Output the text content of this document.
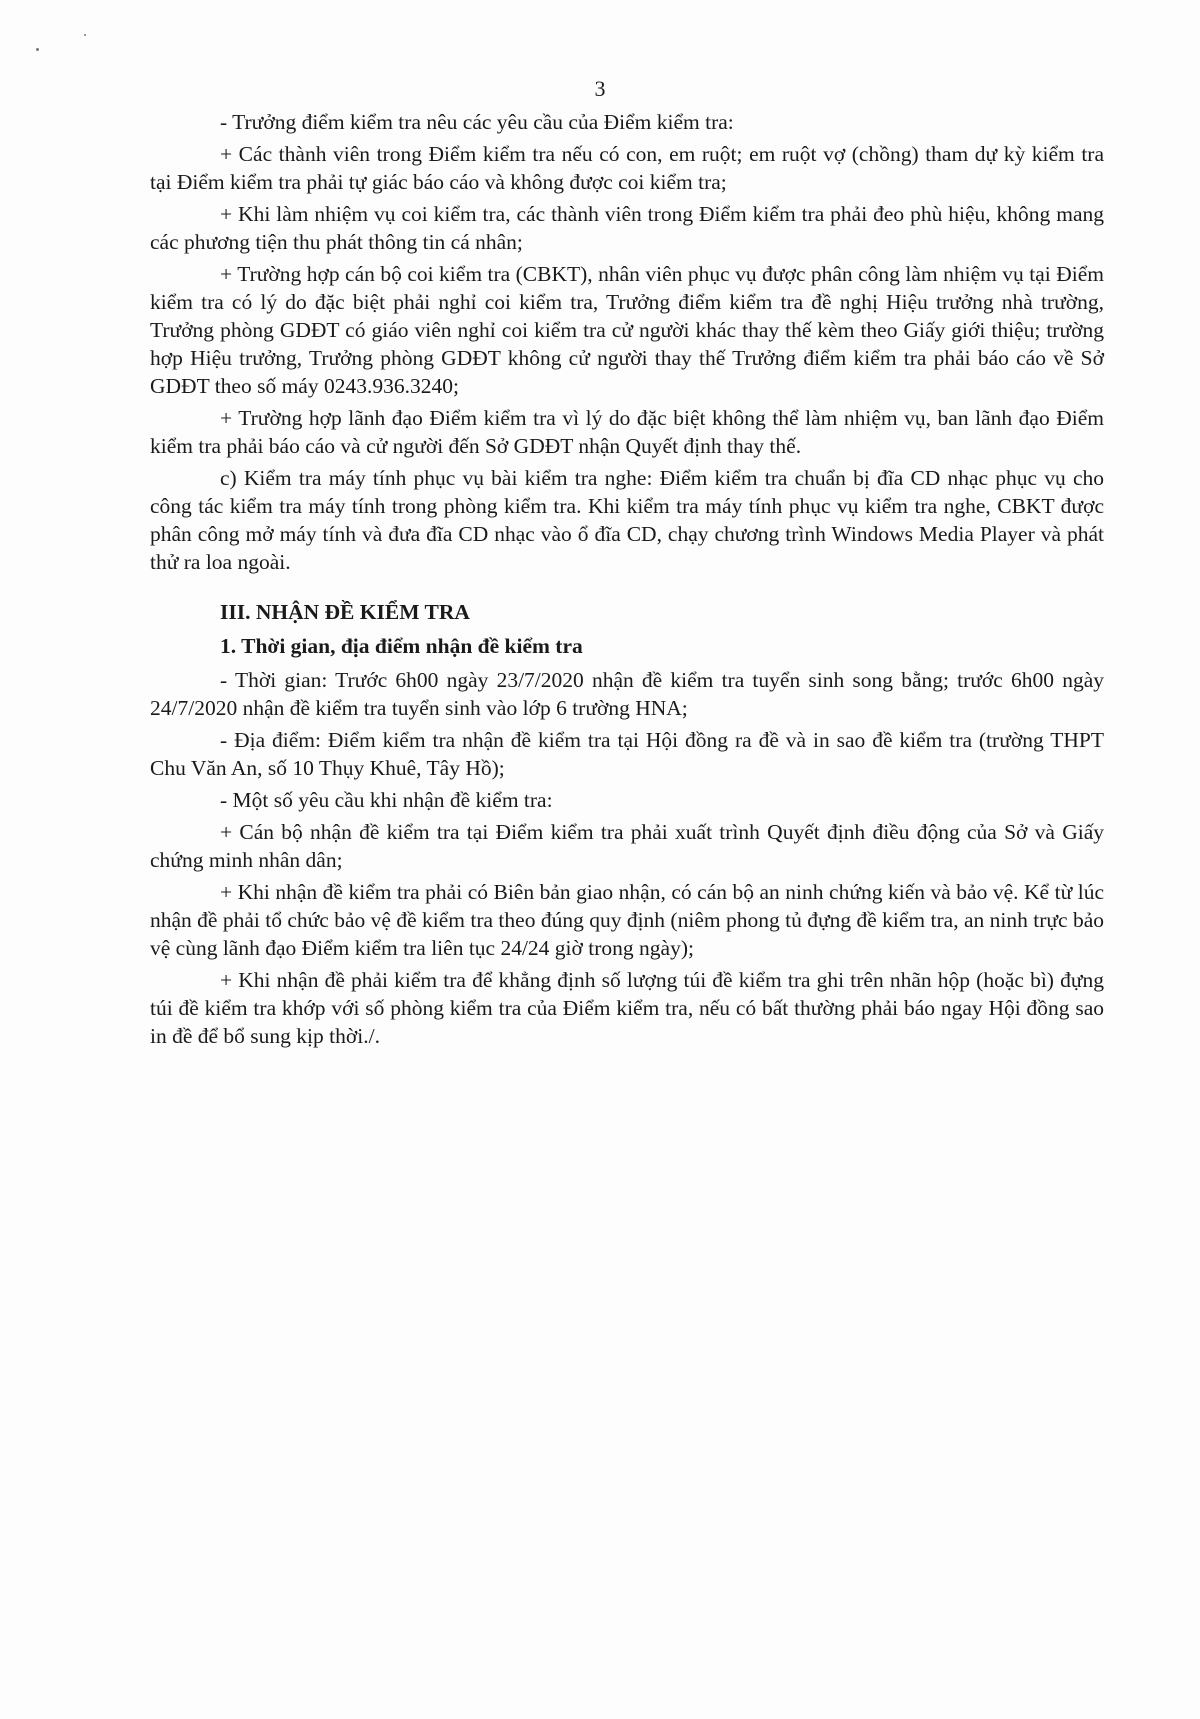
3

- Trưởng điểm kiểm tra nêu các yêu cầu của Điểm kiểm tra:

+ Các thành viên trong Điểm kiểm tra nếu có con, em ruột; em ruột vợ (chồng) tham dự kỳ kiểm tra tại Điểm kiểm tra phải tự giác báo cáo và không được coi kiểm tra;

+ Khi làm nhiệm vụ coi kiểm tra, các thành viên trong Điểm kiểm tra phải đeo phù hiệu, không mang các phương tiện thu phát thông tin cá nhân;

+ Trường hợp cán bộ coi kiểm tra (CBKT), nhân viên phục vụ được phân công làm nhiệm vụ tại Điểm kiểm tra có lý do đặc biệt phải nghỉ coi kiểm tra, Trưởng điểm kiểm tra đề nghị Hiệu trưởng nhà trường, Trưởng phòng GDĐT có giáo viên nghỉ coi kiểm tra cử người khác thay thế kèm theo Giấy giới thiệu; trường hợp Hiệu trưởng, Trưởng phòng GDĐT không cử người thay thế Trưởng điểm kiểm tra phải báo cáo về Sở GDĐT theo số máy 0243.936.3240;

+ Trường hợp lãnh đạo Điểm kiểm tra vì lý do đặc biệt không thể làm nhiệm vụ, ban lãnh đạo Điểm kiểm tra phải báo cáo và cử người đến Sở GDĐT nhận Quyết định thay thế.

c) Kiểm tra máy tính phục vụ bài kiểm tra nghe: Điểm kiểm tra chuẩn bị đĩa CD nhạc phục vụ cho công tác kiểm tra máy tính trong phòng kiểm tra. Khi kiểm tra máy tính phục vụ kiểm tra nghe, CBKT được phân công mở máy tính và đưa đĩa CD nhạc vào ổ đĩa CD, chạy chương trình Windows Media Player và phát thử ra loa ngoài.

III. NHẬN ĐỀ KIỂM TRA

1. Thời gian, địa điểm nhận đề kiểm tra

- Thời gian: Trước 6h00 ngày 23/7/2020 nhận đề kiểm tra tuyển sinh song bằng; trước 6h00 ngày 24/7/2020 nhận đề kiểm tra tuyển sinh vào lớp 6 trường HNA;

- Địa điểm: Điểm kiểm tra nhận đề kiểm tra tại Hội đồng ra đề và in sao đề kiểm tra (trường THPT Chu Văn An, số 10 Thụy Khuê, Tây Hồ);

- Một số yêu cầu khi nhận đề kiểm tra:

+ Cán bộ nhận đề kiểm tra tại Điểm kiểm tra phải xuất trình Quyết định điều động của Sở và Giấy chứng minh nhân dân;

+ Khi nhận đề kiểm tra phải có Biên bản giao nhận, có cán bộ an ninh chứng kiến và bảo vệ. Kể từ lúc nhận đề phải tổ chức bảo vệ đề kiểm tra theo đúng quy định (niêm phong tủ đựng đề kiểm tra, an ninh trực bảo vệ cùng lãnh đạo Điểm kiểm tra liên tục 24/24 giờ trong ngày);

+ Khi nhận đề phải kiểm tra để khẳng định số lượng túi đề kiểm tra ghi trên nhãn hộp (hoặc bì) đựng túi đề kiểm tra khớp với số phòng kiểm tra của Điểm kiểm tra, nếu có bất thường phải báo ngay Hội đồng sao in đề để bổ sung kịp thời./.
